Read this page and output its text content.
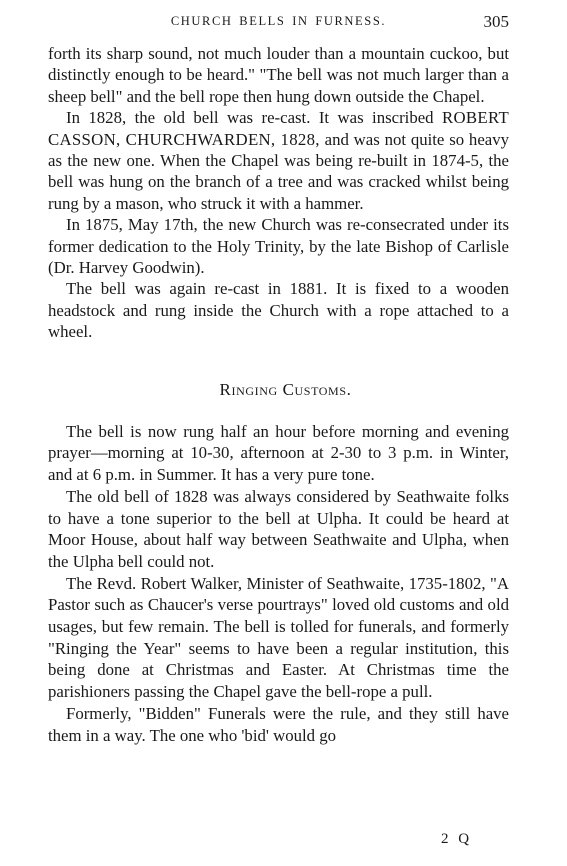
CHURCH BELLS IN FURNESS.	305

forth its sharp sound, not much louder than a mountain cuckoo, but distinctly enough to be heard." "The bell was not much larger than a sheep bell" and the bell rope then hung down outside the Chapel.

In 1828, the old bell was re-cast. It was inscribed ROBERT CASSON, CHURCHWARDEN, 1828, and was not quite so heavy as the new one. When the Chapel was being re-built in 1874-5, the bell was hung on the branch of a tree and was cracked whilst being rung by a mason, who struck it with a hammer.

In 1875, May 17th, the new Church was re-consecrated under its former dedication to the Holy Trinity, by the late Bishop of Carlisle (Dr. Harvey Goodwin).

The bell was again re-cast in 1881. It is fixed to a wooden headstock and rung inside the Church with a rope attached to a wheel.

Ringing Customs.

The bell is now rung half an hour before morning and evening prayer—morning at 10-30, afternoon at 2-30 to 3 p.m. in Winter, and at 6 p.m. in Summer. It has a very pure tone.

The old bell of 1828 was always considered by Seathwaite folks to have a tone superior to the bell at Ulpha. It could be heard at Moor House, about half way between Seathwaite and Ulpha, when the Ulpha bell could not.

The Revd. Robert Walker, Minister of Seathwaite, 1735-1802, "A Pastor such as Chaucer's verse pourtrays" loved old customs and old usages, but few remain. The bell is tolled for funerals, and formerly "Ringing the Year" seems to have been a regular institution, this being done at Christmas and Easter. At Christmas time the parishioners passing the Chapel gave the bell-rope a pull.

Formerly, "Bidden" Funerals were the rule, and they still have them in a way. The one who 'bid' would go

2 Q
